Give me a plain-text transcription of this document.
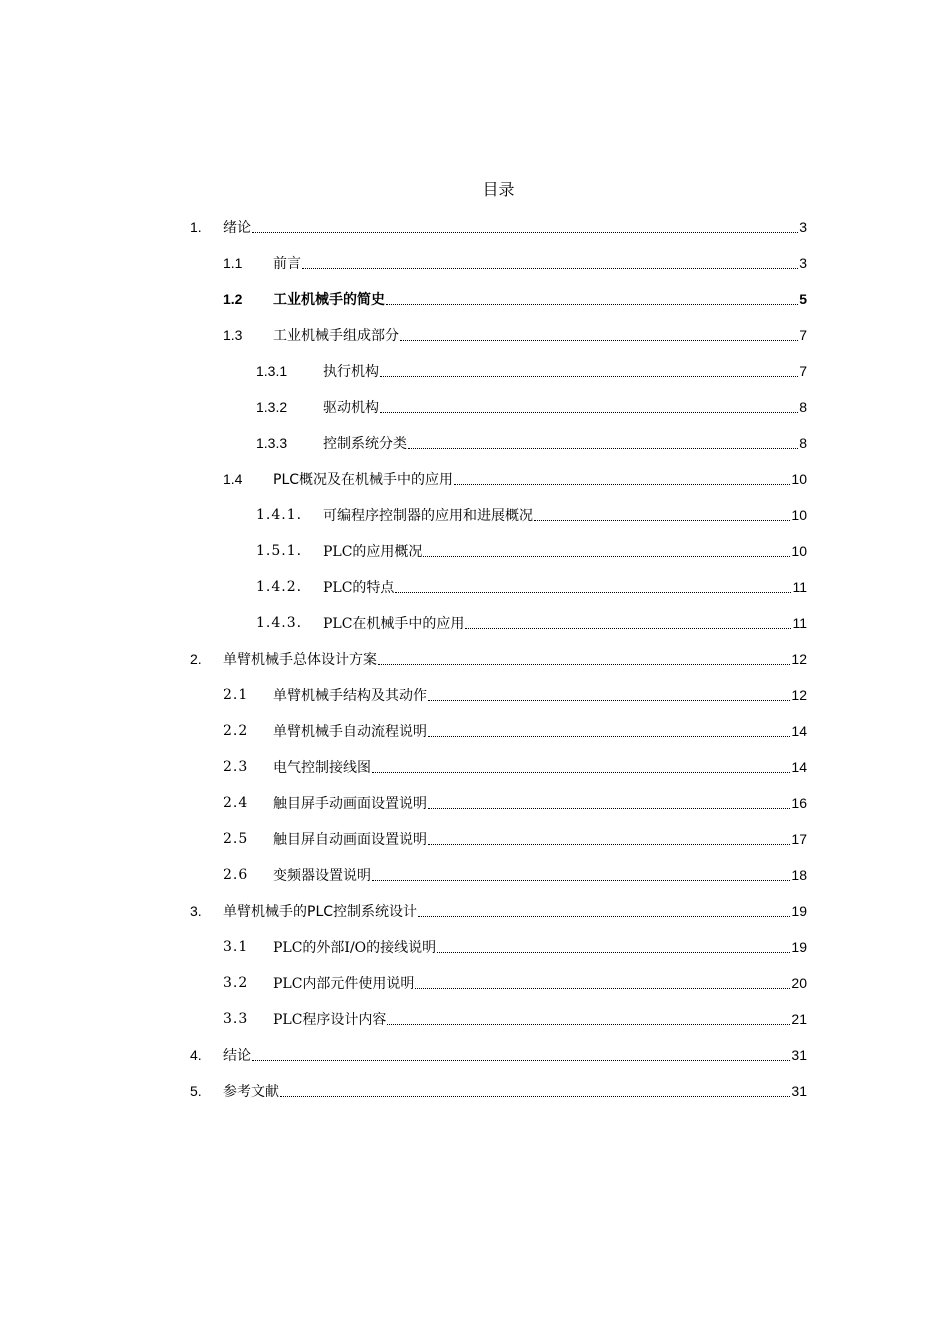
目录
1. 绪论	3
1.1 前言	3
1.2 工业机械手的简史	5
1.3 工业机械手组成部分	7
1.3.1	执行机构	7
1.3.2	驱动机构	8
1.3.3	控制系统分类	8
1.4 PLC概况及在机械手中的应用	10
1.4.1. 可编程序控制器的应用和进展概况	10
1.5.1. PLC的应用概况	10
1.4.2. PLC的特点	11
1.4.3. PLC在机械手中的应用	11
2. 单臂机械手总体设计方案	12
2.1 单臂机械手结构及其动作	12
2.2 单臂机械手自动流程说明	14
2.3 电气控制接线图	14
2.4 触目屏手动画面设置说明	16
2.5 触目屏自动画面设置说明	17
2.6 变频器设置说明	18
3. 单臂机械手的PLC控制系统设计	19
3.1 PLC的外部I/O的接线说明	19
3.2 PLC内部元件使用说明	20
3.3 PLC程序设计内容	21
4. 结论	31
5. 参考文献	31
